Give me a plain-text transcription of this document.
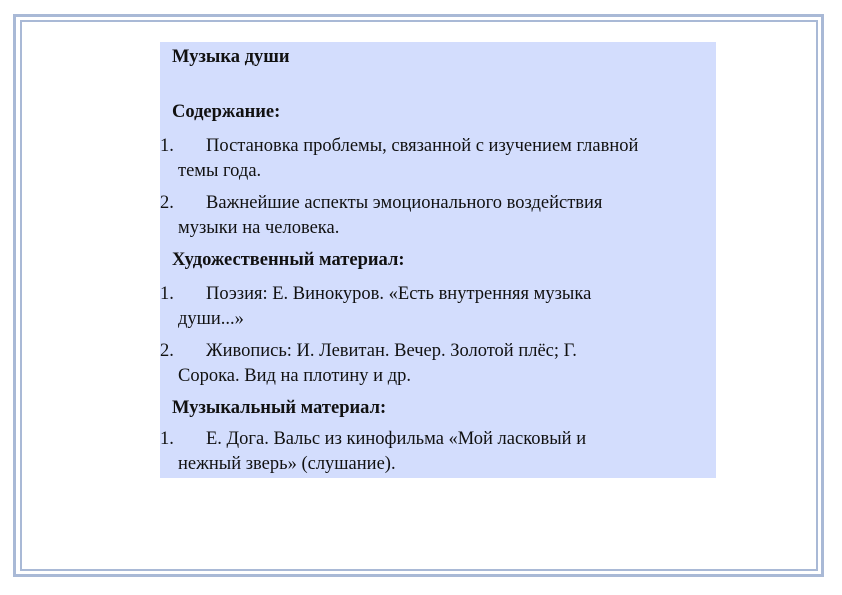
Музыка души
Содержание:
1. Постановка проблемы, связанной с изучением главной
темы года.
2. Важнейшие аспекты эмоционального воздействия
музыки на человека.
Художественный материал:
1. Поэзия: Е. Винокуров. «Есть внутренняя музыка
души...»
2. Живопись: И. Левитан. Вечер. Золотой плёс; Г.
Сорока. Вид на плотину и др.
Музыкальный материал:
1. Е. Дога. Вальс из кинофильма «Мой ласковый и
нежный зверь» (слушание).
